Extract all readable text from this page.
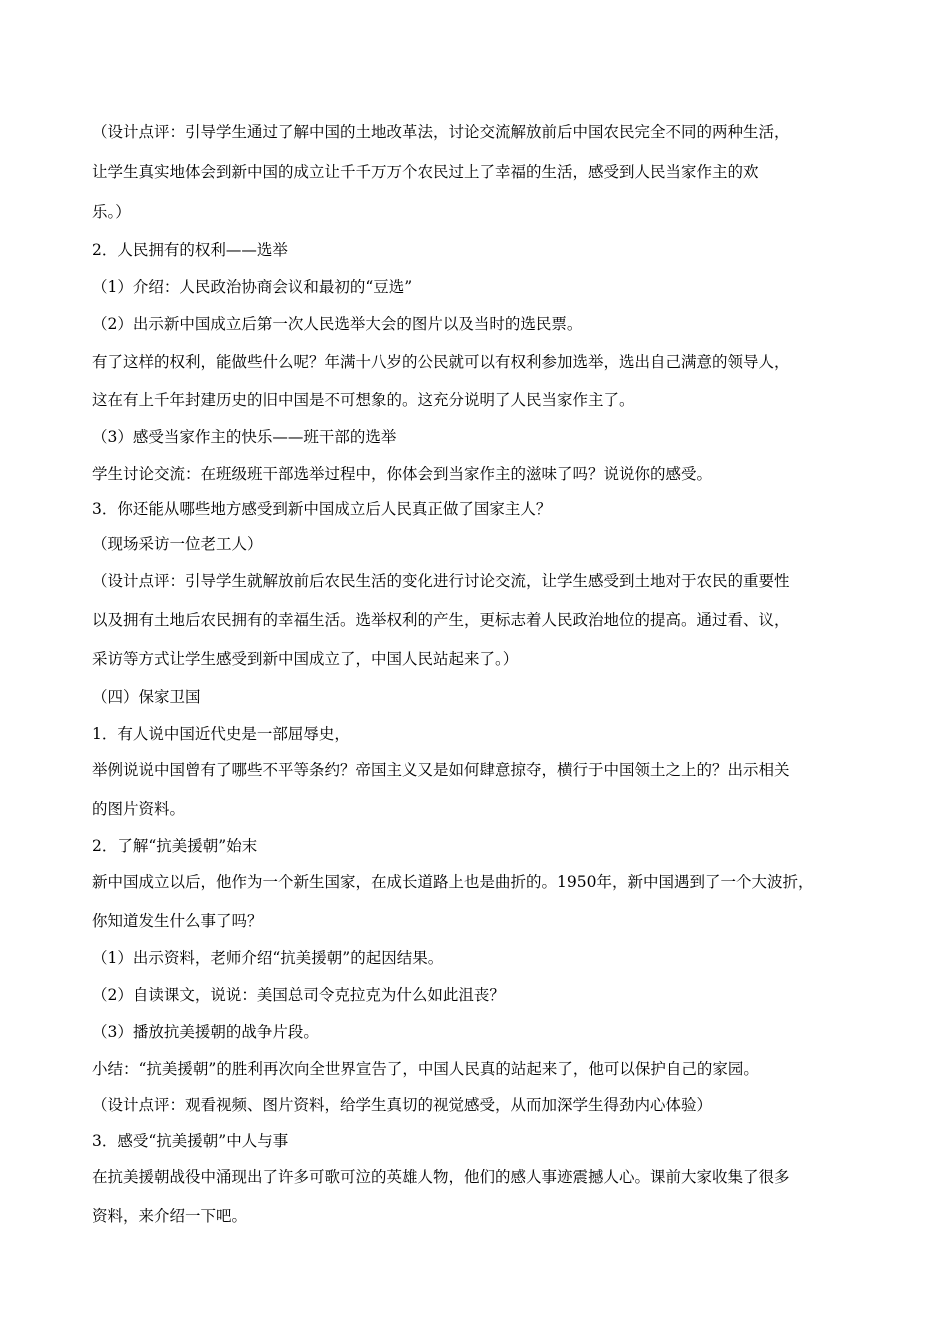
（设计点评：引导学生通过了解中国的土地改革法，讨论交流解放前后中国农民完全不同的两种生活，
让学生真实地体会到新中国的成立让千千万万个农民过上了幸福的生活，感受到人民当家作主的欢
乐。）
2．人民拥有的权利——选举
（1）介绍：人民政治协商会议和最初的“豆选”
（2）出示新中国成立后第一次人民选举大会的图片以及当时的选民票。
有了这样的权利，能做些什么呢？年满十八岁的公民就可以有权利参加选举，选出自己满意的领导人，
这在有上千年封建历史的旧中国是不可想象的。这充分说明了人民当家作主了。
（3）感受当家作主的快乐——班干部的选举
学生讨论交流：在班级班干部选举过程中，你体会到当家作主的滋味了吗？说说你的感受。
3．你还能从哪些地方感受到新中国成立后人民真正做了国家主人？
（现场采访一位老工人）
（设计点评：引导学生就解放前后农民生活的变化进行讨论交流，让学生感受到土地对于农民的重要性
以及拥有土地后农民拥有的幸福生活。选举权利的产生，更标志着人民政治地位的提高。通过看、议，
采访等方式让学生感受到新中国成立了，中国人民站起来了。）
（四）保家卫国
1．有人说中国近代史是一部屈辱史，
举例说说中国曾有了哪些不平等条约？帝国主义又是如何肆意掠夺，横行于中国领土之上的？出示相关
的图片资料。
2．了解“抗美援朝”始末
新中国成立以后，他作为一个新生国家，在成长道路上也是曲折的。1950年，新中国遇到了一个大波折，
你知道发生什么事了吗？
（1）出示资料，老师介绍“抗美援朝”的起因结果。
（2）自读课文，说说：美国总司令克拉克为什么如此沮丧？
（3）播放抗美援朝的战争片段。
小结：“抗美援朝”的胜利再次向全世界宣告了，中国人民真的站起来了，他可以保护自己的家园。
（设计点评：观看视频、图片资料，给学生真切的视觉感受，从而加深学生得劲内心体验）
3．感受“抗美援朝”中人与事
在抗美援朝战役中涌现出了许多可歌可泣的英雄人物，他们的感人事迹震撼人心。课前大家收集了很多
资料，来介绍一下吧。
